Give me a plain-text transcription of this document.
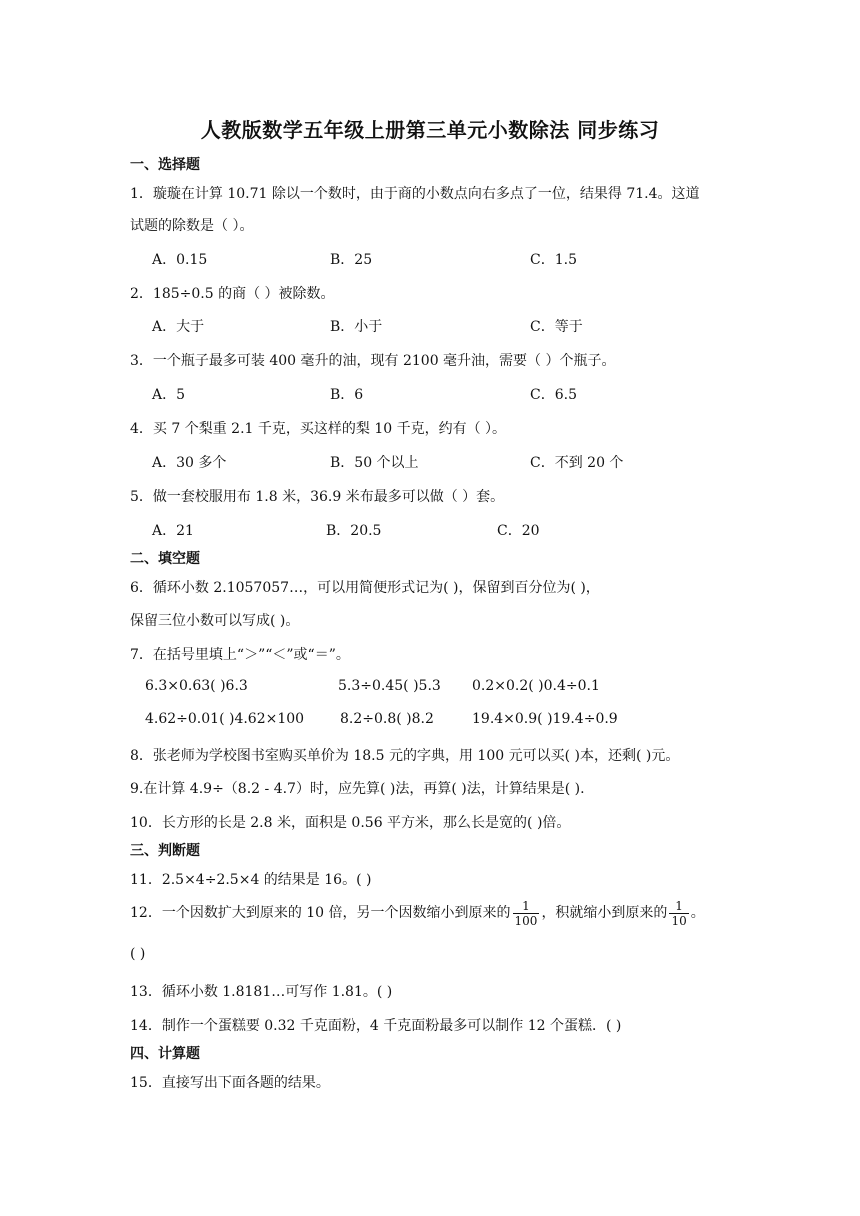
人教版数学五年级上册第三单元小数除法 同步练习
一、选择题
1．璇璇在计算 10.71 除以一个数时，由于商的小数点向右多点了一位，结果得 71.4。这道
试题的除数是（ ）。
A．0.15	B．25	C．1.5
2．185÷0.5 的商（ ）被除数。
A．大于	B．小于	C．等于
3．一个瓶子最多可装 400 毫升的油，现有 2100 毫升油，需要（ ）个瓶子。
A．5	B．6	C．6.5
4．买 7 个梨重 2.1 千克，买这样的梨 10 千克，约有（ ）。
A．30 多个	B．50 个以上	C．不到 20 个
5．做一套校服用布 1.8 米，36.9 米布最多可以做（ ）套。
A．21	B．20.5	C．20
二、填空题
6．循环小数 2.1057057…，可以用简便形式记为( )，保留到百分位为( )，
保留三位小数可以写成( )。
7．在括号里填上“＞”“＜”或“＝”。
6.3×0.63( )6.3	5.3÷0.45( )5.3 0.2×0.2( )0.4÷0.1
4.62÷0.01( )4.62×100	8.2÷0.8( )8.2	19.4×0.9( )19.4÷0.9
8．张老师为学校图书室购买单价为 18.5 元的字典，用 100 元可以买( )本，还剩( )元。
9.在计算 4.9÷（8.2 - 4.7）时，应先算( )法，再算( )法，计算结果是( ).
10．长方形的长是 2.8 米，面积是 0.56 平方米，那么长是宽的( )倍。
三、判断题
11．2.5×4÷2.5×4 的结果是 16。( )
12．一个因数扩大到原来的 10 倍，另一个因数缩小到原来的 $\frac{1}{100}$ ，积就缩小到原来的 $\frac{1}{10}$ 。
( )
13．循环小数 1.8181…可写作 1.81。( )
14．制作一个蛋糕要 0.32 千克面粉，4 千克面粉最多可以制作 12 个蛋糕．( )
四、计算题
15．直接写出下面各题的结果。
